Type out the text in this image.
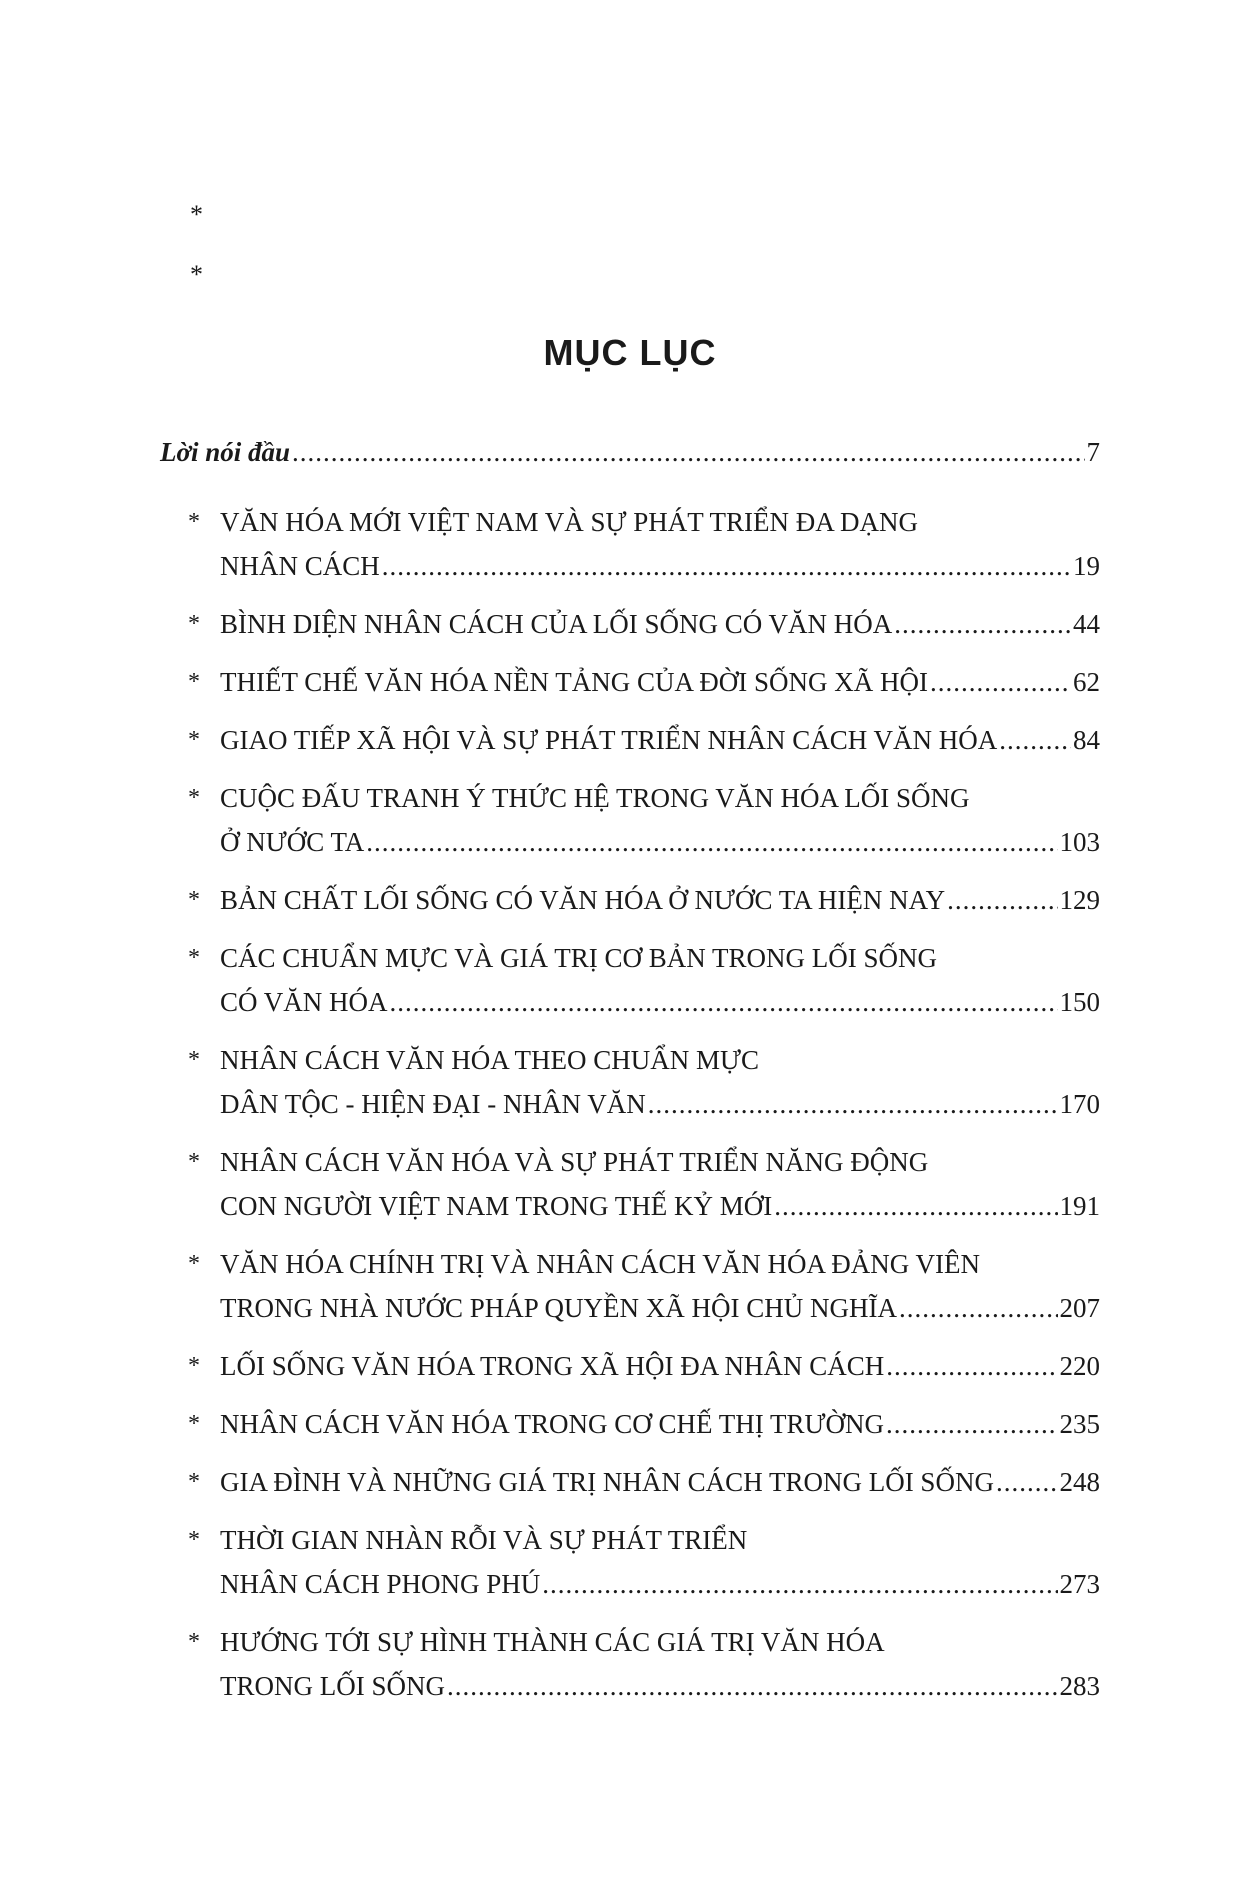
*
*
MỤC LỤC
Lời nói đầu .....	7
* VĂN HÓA MỚI VIỆT NAM VÀ SỰ PHÁT TRIỂN ĐA DẠNG
NHÂN CÁCH .....	19
* BÌNH DIỆN NHÂN CÁCH CỦA LỐI SỐNG CÓ VĂN HÓA .....	44
* THIẾT CHẾ VĂN HÓA NỀN TẢNG CỦA ĐỜI SỐNG XÃ HỘI .....	62
* GIAO TIẾP XÃ HỘI VÀ SỰ PHÁT TRIỂN NHÂN CÁCH VĂN HÓA .....	84
* CUỘC ĐẤU TRANH Ý THỨC HỆ TRONG VĂN HÓA LỐI SỐNG
Ở NƯỚC TA .....	103
* BẢN CHẤT LỐI SỐNG CÓ VĂN HÓA Ở NƯỚC TA HIỆN NAY .....	129
* CÁC CHUẨN MỰC VÀ GIÁ TRỊ CƠ BẢN TRONG LỐI SỐNG
CÓ VĂN HÓA .....	150
* NHÂN CÁCH VĂN HÓA THEO CHUẨN MỰC
DÂN TỘC - HIỆN ĐẠI - NHÂN VĂN .....	170
* NHÂN CÁCH VĂN HÓA VÀ SỰ PHÁT TRIỂN NĂNG ĐỘNG
CON NGƯỜI VIỆT NAM TRONG THẾ KỶ MỚI .....	191
* VĂN HÓA CHÍNH TRỊ VÀ NHÂN CÁCH VĂN HÓA ĐẢNG VIÊN
TRONG NHÀ NƯỚC PHÁP QUYỀN XÃ HỘI CHỦ NGHĨA .....	207
* LỐI SỐNG VĂN HÓA TRONG XÃ HỘI ĐA NHÂN CÁCH .....	220
* NHÂN CÁCH VĂN HÓA TRONG CƠ CHẾ THỊ TRƯỜNG .....	235
* GIA ĐÌNH VÀ NHỮNG GIÁ TRỊ NHÂN CÁCH TRONG LỐI SỐNG ..... 248
* THỜI GIAN NHÀN RỖI VÀ SỰ PHÁT TRIỂN
NHÂN CÁCH PHONG PHÚ .....	273
* HƯỚNG TỚI SỰ HÌNH THÀNH CÁC GIÁ TRỊ VĂN HÓA
TRONG LỐI SỐNG .....	283
